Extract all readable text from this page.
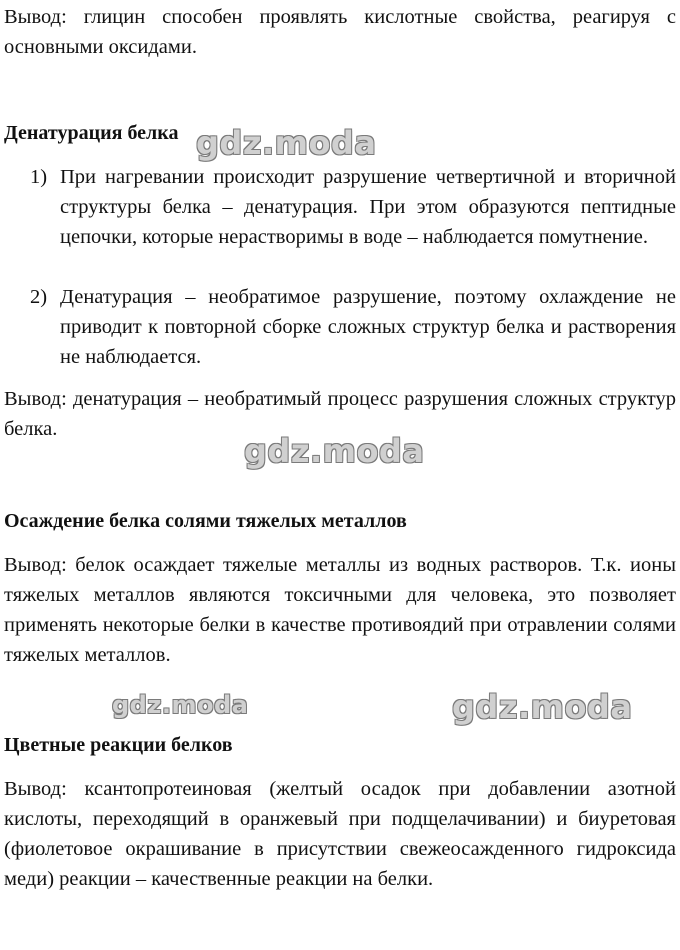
Вывод: глицин способен проявлять кислотные свойства, реагируя с основными оксидами.

Денатурация белка

1) При нагревании происходит разрушение четвертичной и вторичной структуры белка – денатурация. При этом образуются пептидные цепочки, которые нерастворимы в воде – наблюдается помутнение.
2) Денатурация – необратимое разрушение, поэтому охлаждение не приводит к повторной сборке сложных структур белка и растворения не наблюдается.

Вывод: денатурация – необратимый процесс разрушения сложных структур белка.

Осаждение белка солями тяжелых металлов

Вывод: белок осаждает тяжелые металлы из водных растворов. Т.к. ионы тяжелых металлов являются токсичными для человека, это позволяет применять некоторые белки в качестве противоядий при отравлении солями тяжелых металлов.

Цветные реакции белков

Вывод: ксантопротеиновая (желтый осадок при добавлении азотной кислоты, переходящий в оранжевый при подщелачивании) и биуретовая (фиолетовое окрашивание в присутствии свежеосажденного гидроксида меди) реакции – качественные реакции на белки.

gdz.moda
gdz.moda
gdz.moda	gdz.moda
